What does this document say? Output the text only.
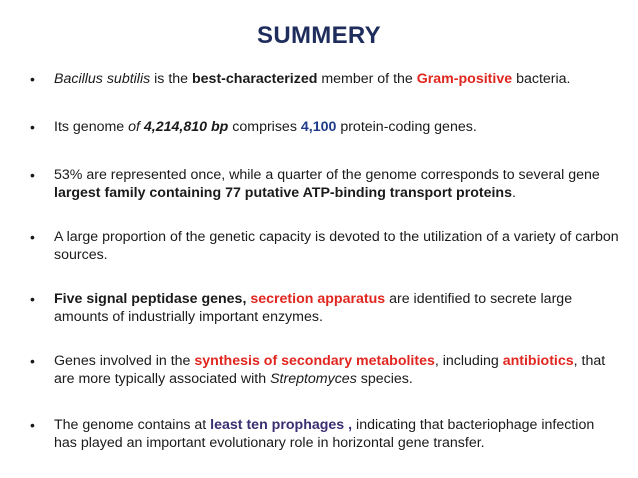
SUMMERY
•	Bacillus subtilis is the best-characterized member of the Gram-positive bacteria.
•	Its genome of 4,214,810 bp comprises 4,100 protein-coding genes.
•	53% are represented once, while a quarter of the genome corresponds to several gene largest family containing 77 putative ATP-binding transport proteins.
•	A large proportion of the genetic capacity is devoted to the utilization of a variety of carbon sources.
•	Five signal peptidase genes, secretion apparatus are identified to secrete large amounts of industrially important enzymes.
•	Genes involved in the synthesis of secondary metabolites, including antibiotics, that are more typically associated with Streptomyces species.
•	The genome contains at least ten prophages , indicating that bacteriophage infection has played an important evolutionary role in horizontal gene transfer.
